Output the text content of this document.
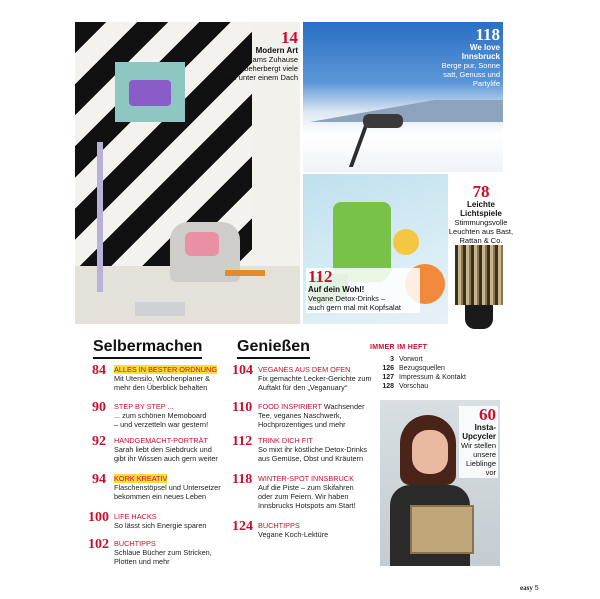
14
Modern Art
Miriams Zuhause
beherbergt viele
Stile unter einem Dach
118
We love
Innsbruck
Berge pur, Sonne
satt, Genuss und
Partylife
78
Leichte
Lichtspiele
Stimmungsvolle
Leuchten aus Bast,
Rattan & Co.
112
Auf dein Wohl!
Vegane Detox-Drinks –
auch gern mal mit Kopfsalat
60
Insta-
Upcycler
Wir stellen
unsere
Lieblinge
vor
Selbermachen Genießen	IMMER IM HEFT
84 ALLES IN BESTER ORDNUNG
Mit Utensilo, Wochenplaner &
mehr den Überblick behalten
90 STEP BY STEP ...
... zum schönen Memoboard
– und verzetteln war gestern!
92 HANDGEMACHT-PORTRÄT
Sarah liebt den Siebdruck und
gibt ihr Wissen auch gern weiter
94 KORK KREATIV
Flaschenstöpsel und Untersetzer
bekommen ein neues Leben
100 LIFE HACKS
So lässt sich Energie sparen
102 BUCHTIPPS
Schlaue Bücher zum Stricken,
Plotten und mehr
104 VEGANES AUS DEM OFEN
Fix gemachte Lecker-Gerichte zum
Auftakt für den „Veganuary“
110 FOOD INSPIRIERT Wachsender
Tee, veganes Naschwerk,
Hochprozentiges und mehr
112 TRINK DICH FIT
So mixt ihr köstliche Detox-Drinks
aus Gemüse, Obst und Kräutern
118 WINTER-SPOT INNSBRUCK
Auf die Piste – zum Skifahren
oder zum Feiern. Wir haben
Innsbrucks Hotspots am Start!
124 BUCHTIPPS
Vegane Koch-Lektüre
3 Vorwort
126 Bezugsquellen
127 Impressum & Kontakt
128 Vorschau
easy 5
